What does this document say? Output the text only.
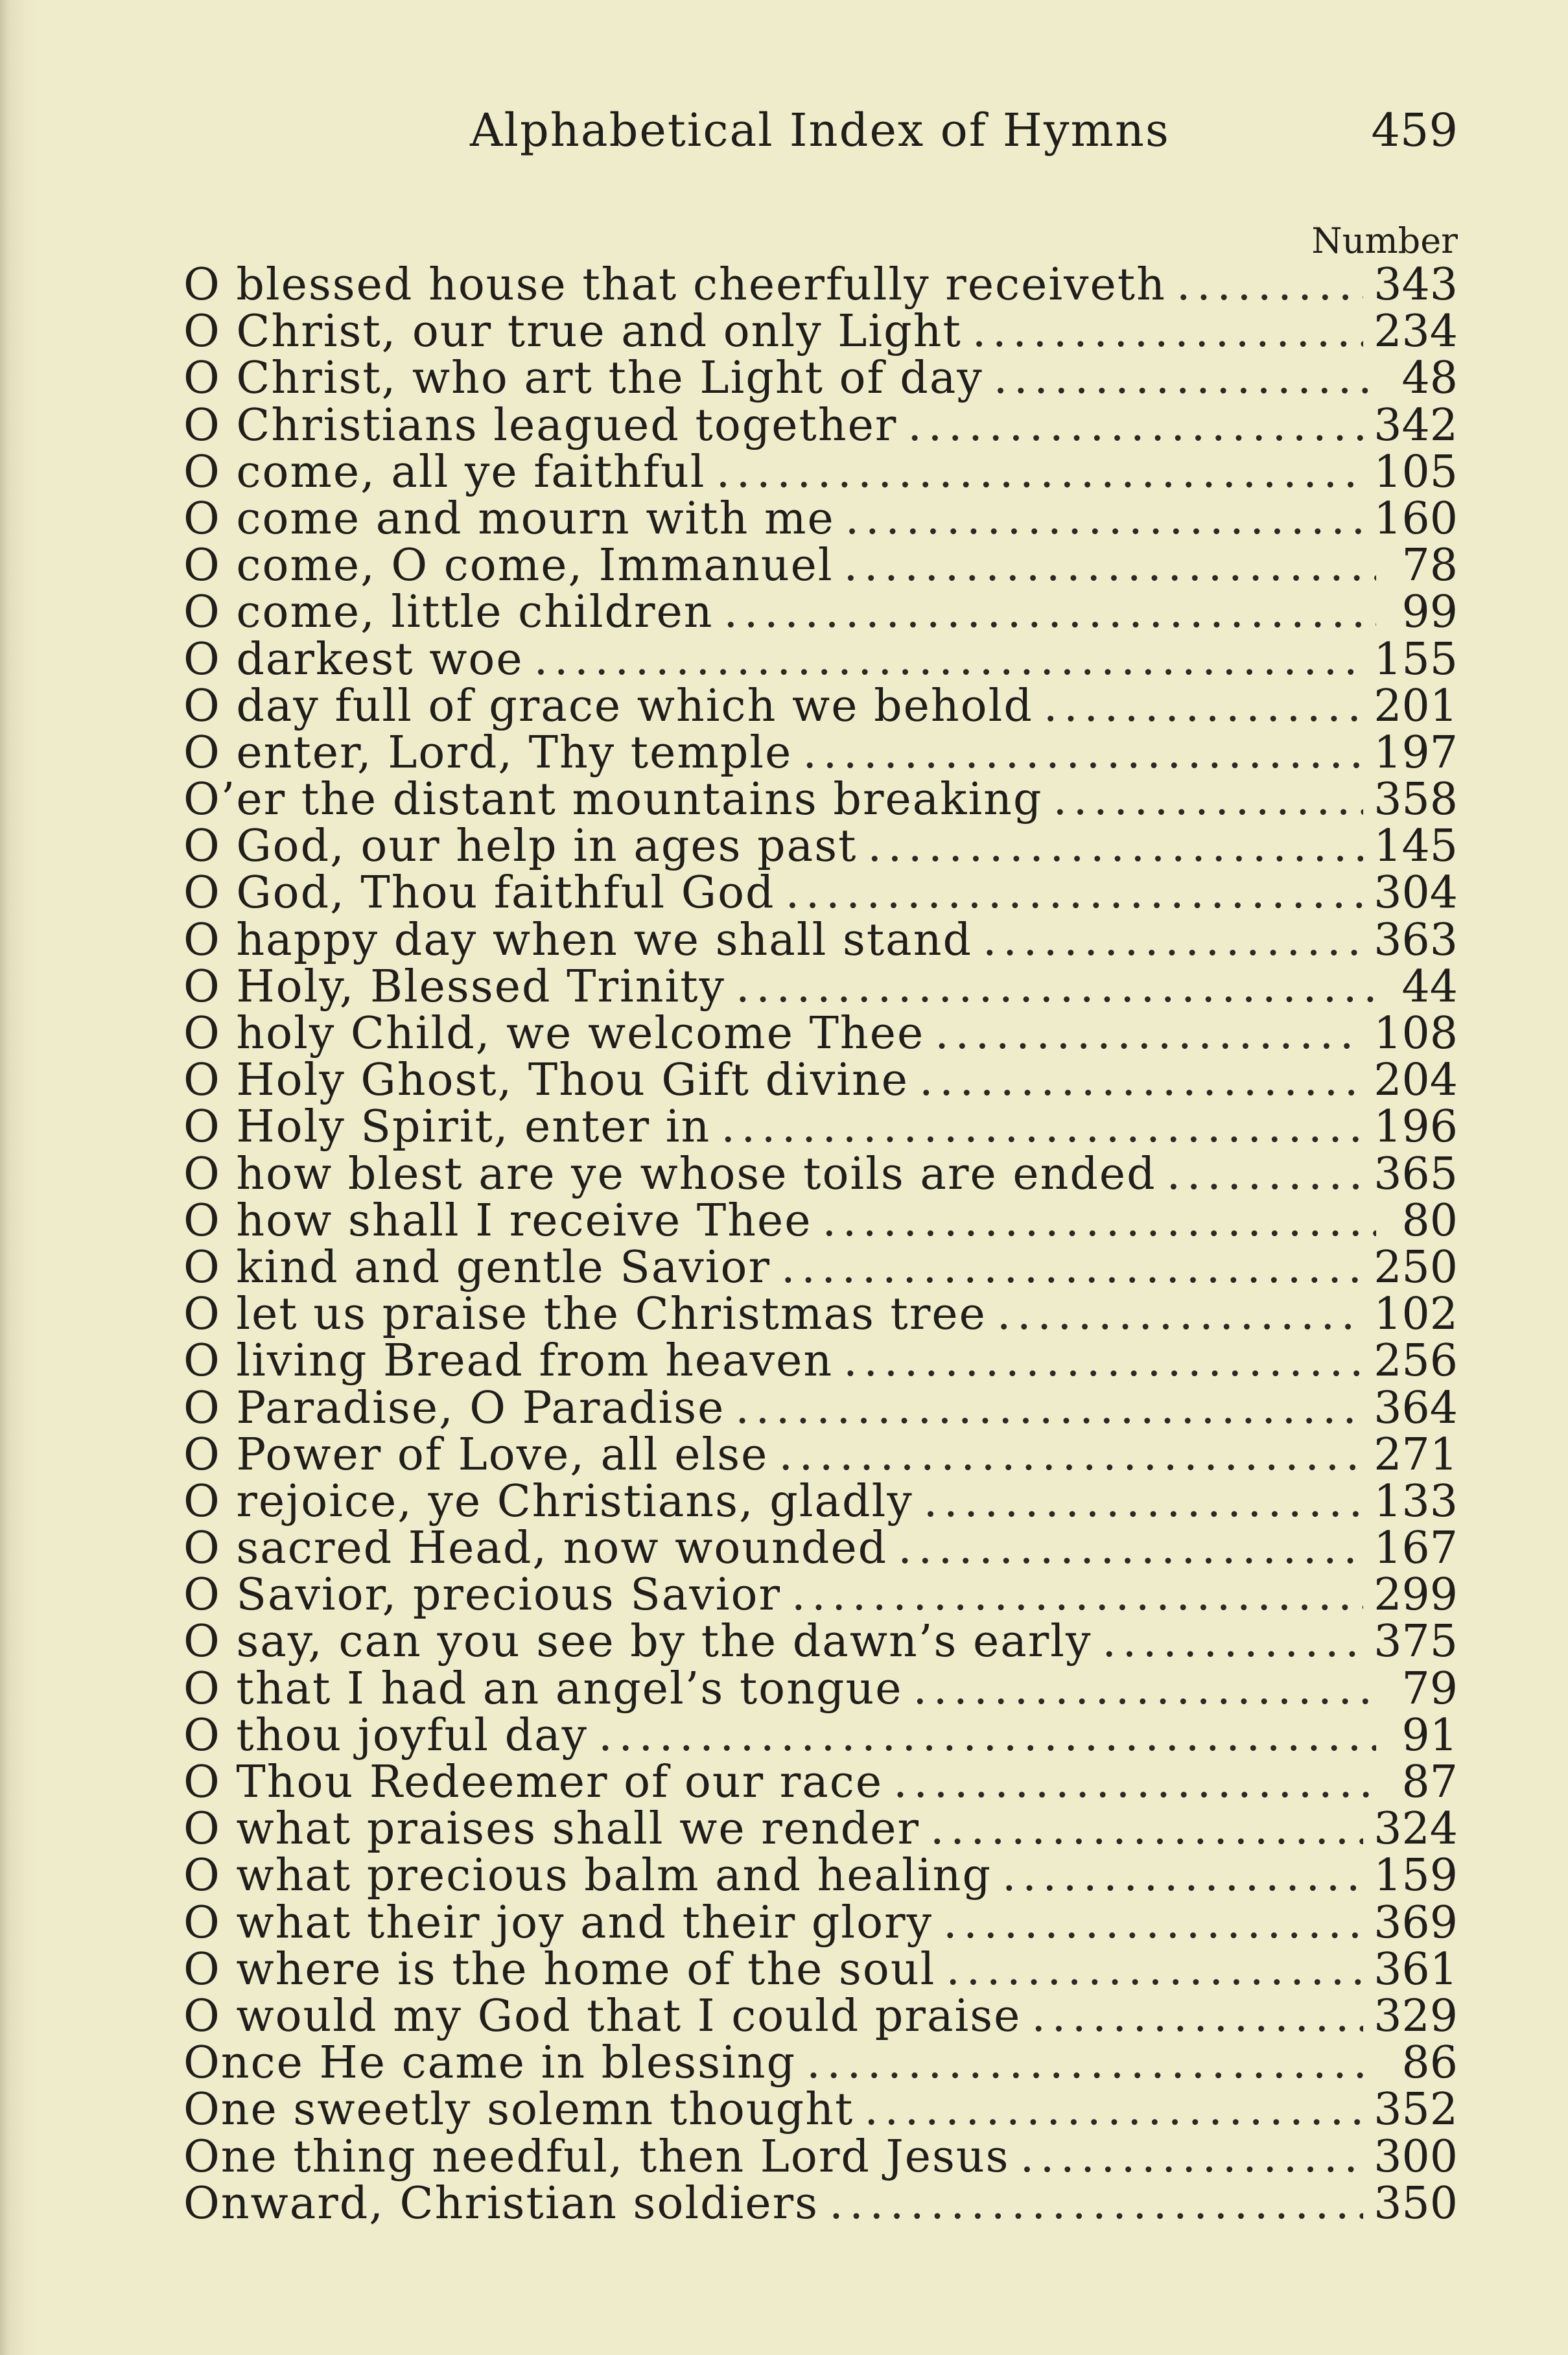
Alphabetical Index of Hymns	459
Number
O blessed house that cheerfully receiveth . . .	343
O Christ, our true and only Light . . .	234
O Christ, who art the Light of day . . .	48
O Christians leagued together . . .	342
O come, all ye faithful . . .	105
O come and mourn with me . . .	160
O come, O come, Immanuel . . .	78
O come, little children . . .	99
O darkest woe . . .	155
O day full of grace which we behold . . .	201
O enter, Lord, Thy temple . . .	197
O’er the distant mountains breaking . . .	358
O God, our help in ages past . . .	145
O God, Thou faithful God . . .	304
O happy day when we shall stand . . .	363
O Holy, Blessed Trinity . . .	44
O holy Child, we welcome Thee . . .	108
O Holy Ghost, Thou Gift divine . . .	204
O Holy Spirit, enter in . . .	196
O how blest are ye whose toils are ended . . .	365
O how shall I receive Thee . . .	80
O kind and gentle Savior . . .	250
O let us praise the Christmas tree . . .	102
O living Bread from heaven . . .	256
O Paradise, O Paradise . . .	364
O Power of Love, all else . . .	271
O rejoice, ye Christians, gladly . . .	133
O sacred Head, now wounded . . .	167
O Savior, precious Savior . . .	299
O say, can you see by the dawn’s early . . .	375
O that I had an angel’s tongue . . .	79
O thou joyful day . . .	91
O Thou Redeemer of our race . . .	87
O what praises shall we render . . .	324
O what precious balm and healing . . .	159
O what their joy and their glory . . .	369
O where is the home of the soul . . .	361
O would my God that I could praise . . .	329
Once He came in blessing . . .	86
One sweetly solemn thought . . .	352
One thing needful, then Lord Jesus . . .	300
Onward, Christian soldiers . . .	350
